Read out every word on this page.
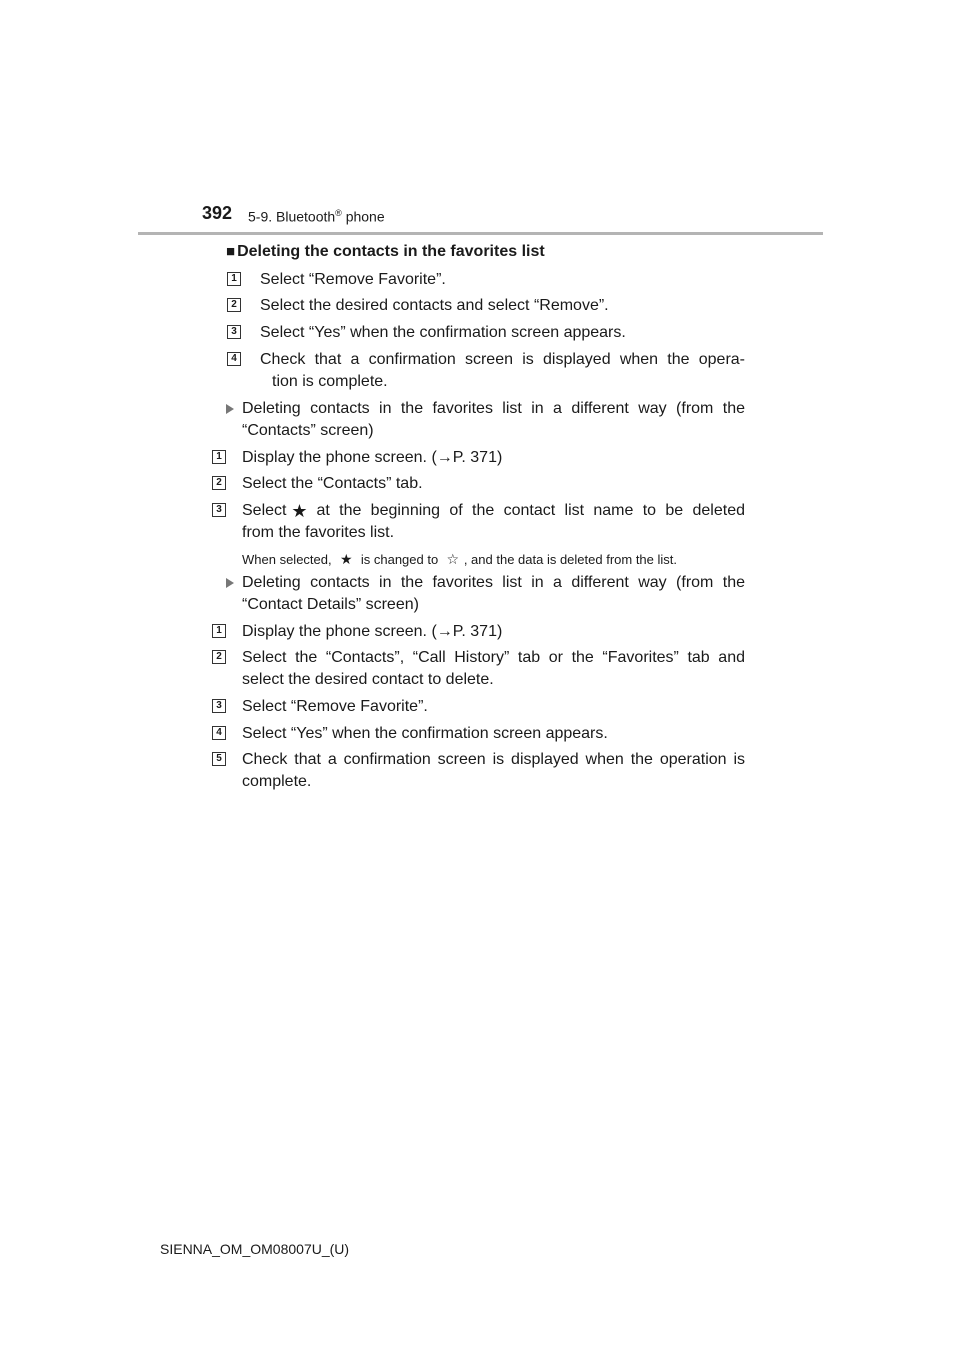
392 5-9. Bluetooth® phone
■ Deleting the contacts in the favorites list
1 Select “Remove Favorite”.
2 Select the desired contacts and select “Remove”.
3 Select “Yes” when the confirmation screen appears.
4 Check that a confirmation screen is displayed when the opera-
tion is complete.
Deleting contacts in the favorites list in a different way (from the
“Contacts” screen)
1 Display the phone screen. (→P. 371)
2 Select the “Contacts” tab.
3 Select ★ at the beginning of the contact list name to be deleted
from the favorites list.
When selected, ★ is changed to ☆ , and the data is deleted from the list.
Deleting contacts in the favorites list in a different way (from the
“Contact Details” screen)
1 Display the phone screen. (→P. 371)
2 Select the “Contacts”, “Call History” tab or the “Favorites” tab and
select the desired contact to delete.
3 Select “Remove Favorite”.
4 Select “Yes” when the confirmation screen appears.
5 Check that a confirmation screen is displayed when the operation is
complete.
SIENNA_OM_OM08007U_(U)
